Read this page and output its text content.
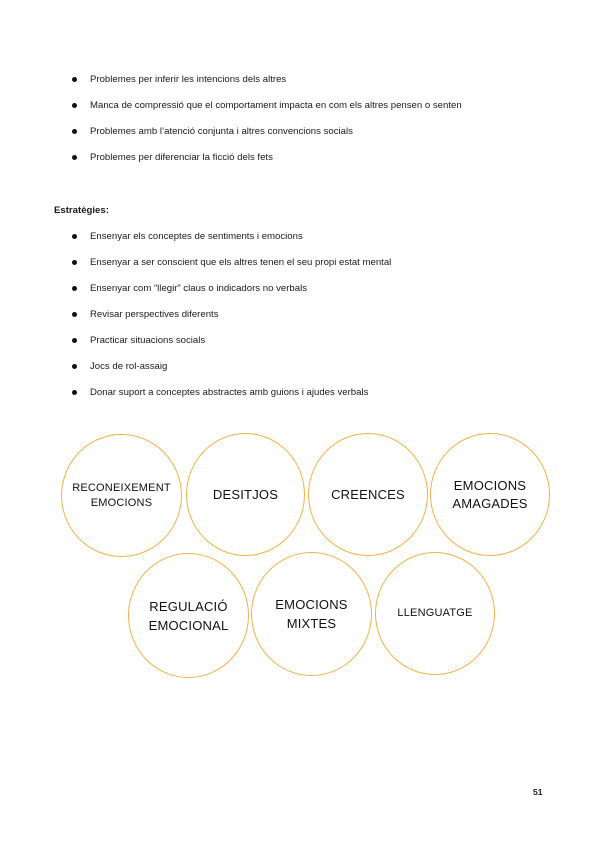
Problemes per inferir les intencions dels altres
Manca de compressió que el comportament impacta en com els altres pensen o senten
Problemes amb l’atenció conjunta i altres convencions socials
Problemes per diferenciar la ficció dels fets
Estratègies:
Ensenyar els conceptes de sentiments i emocions
Ensenyar a ser conscient que els altres tenen el seu propi estat mental
Ensenyar com “llegir” claus o indicadors no verbals
Revisar perspectives diferents
Practicar situacions socials
Jocs de rol-assaig
Donar suport a conceptes abstractes amb guions i ajudes verbals
RECONEIXEMENT
EMOCIONS
DESITJOS	CREENCES
EMOCIONS
AMAGADES
REGULACIÓ
EMOCIONAL
EMOCIONS
MIXTES
LLENGUATGE
51
